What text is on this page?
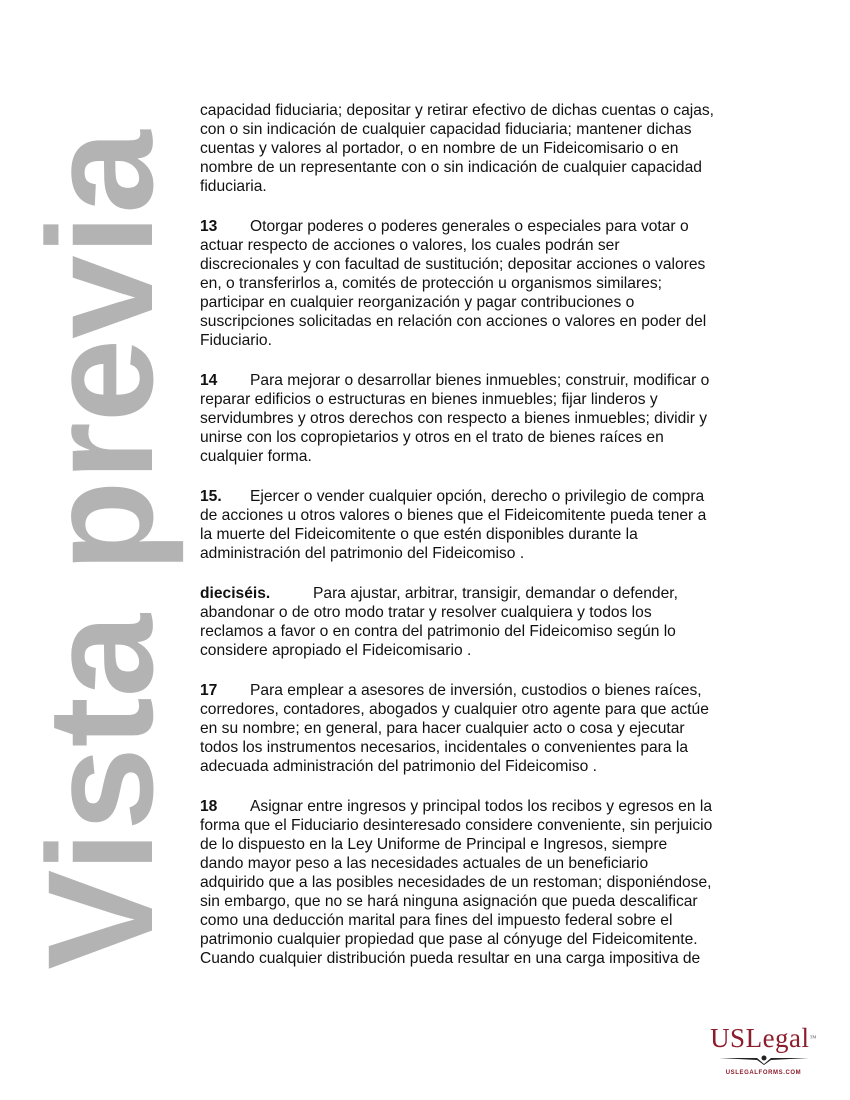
capacidad fiduciaria; depositar y retirar efectivo de dichas cuentas o cajas,
con o sin indicación de cualquier capacidad fiduciaria; mantener dichas
cuentas y valores al portador, o en nombre de un Fideicomisario o en
nombre de un representante con o sin indicación de cualquier capacidad
fiduciaria.
13 Otorgar poderes o poderes generales o especiales para votar o
actuar respecto de acciones o valores, los cuales podrán ser
discrecionales y con facultad de sustitución; depositar acciones o valores
en, o transferirlos a, comités de protección u organismos similares;
participar en cualquier reorganización y pagar contribuciones o
suscripciones solicitadas en relación con acciones o valores en poder del
Fiduciario.
14 Para mejorar o desarrollar bienes inmuebles; construir, modificar o
reparar edificios o estructuras en bienes inmuebles; fijar linderos y
servidumbres y otros derechos con respecto a bienes inmuebles; dividir y
unirse con los copropietarios y otros en el trato de bienes raíces en
cualquier forma.
15. Ejercer o vender cualquier opción, derecho o privilegio de compra
de acciones u otros valores o bienes que el Fideicomitente pueda tener a
la muerte del Fideicomitente o que estén disponibles durante la
administración del patrimonio del Fideicomiso .
dieciséis.	Para ajustar, arbitrar, transigir, demandar o defender,
abandonar o de otro modo tratar y resolver cualquiera y todos los
reclamos a favor o en contra del patrimonio del Fideicomiso según lo
considere apropiado el Fideicomisario .
17 Para emplear a asesores de inversión, custodios o bienes raíces,
corredores, contadores, abogados y cualquier otro agente para que actúe
en su nombre; en general, para hacer cualquier acto o cosa y ejecutar
todos los instrumentos necesarios, incidentales o convenientes para la
adecuada administración del patrimonio del Fideicomiso .
18 Asignar entre ingresos y principal todos los recibos y egresos en la
forma que el Fiduciario desinteresado considere conveniente, sin perjuicio
de lo dispuesto en la Ley Uniforme de Principal e Ingresos, siempre
dando mayor peso a las necesidades actuales de un beneficiario
adquirido que a las posibles necesidades de un restoman; disponiéndose,
sin embargo, que no se hará ninguna asignación que pueda descalificar
como una deducción marital para fines del impuesto federal sobre el
patrimonio cualquier propiedad que pase al cónyuge del Fideicomitente.
Cuando cualquier distribución pueda resultar en una carga impositiva de
Vista previa
USLegal™
USLEGALFORMS.COM
